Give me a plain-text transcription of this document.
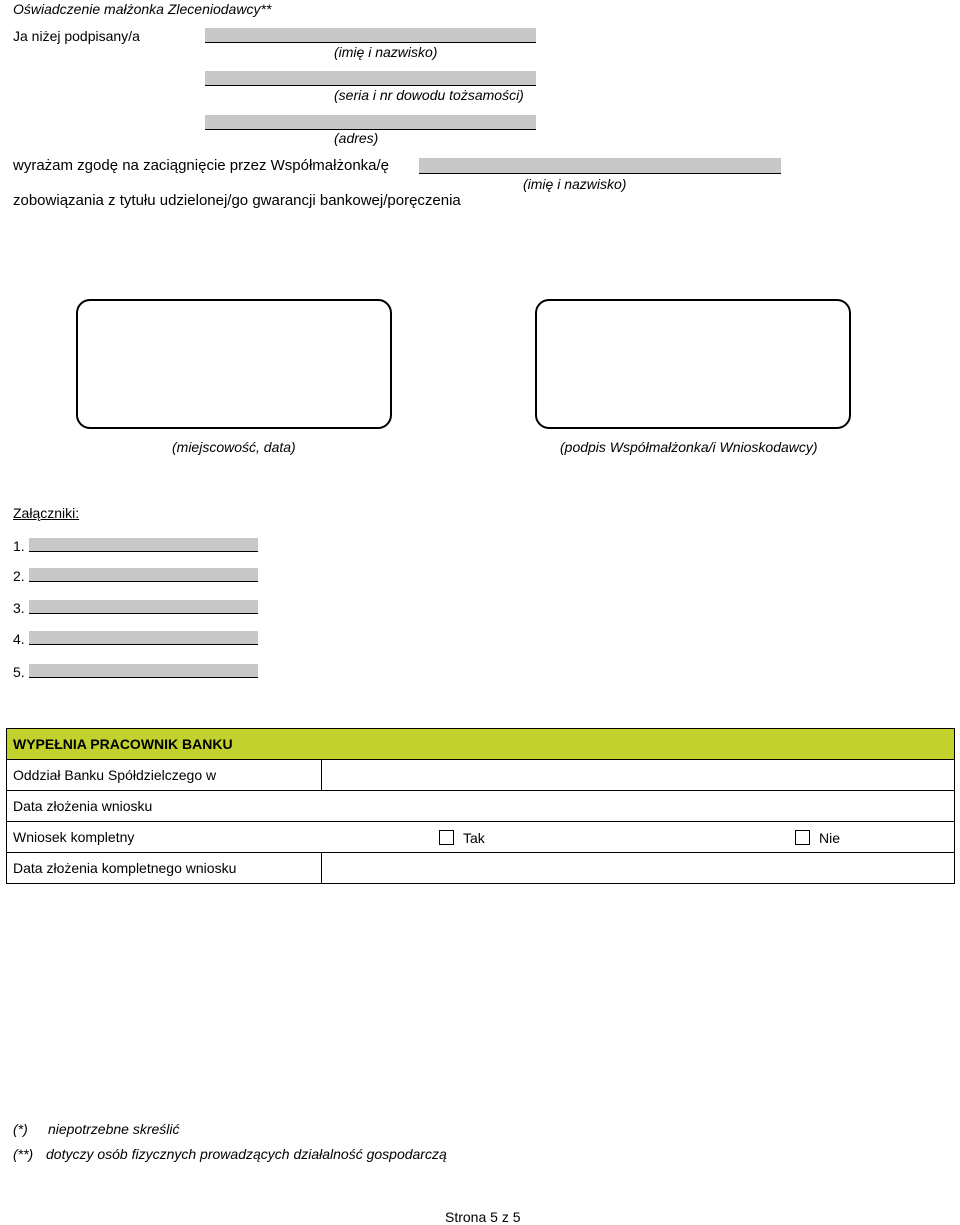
Oświadczenie małżonka Zleceniodawcy**
Ja niżej podpisany/a
(imię i nazwisko)
(seria i nr dowodu tożsamości)
(adres)
wyrażam zgodę na zaciągnięcie przez Współmałżonka/ę
(imię i nazwisko)
zobowiązania z tytułu udzielonej/go gwarancji bankowej/poręczenia
(miejscowość, data)	(podpis Współmałżonka/i Wnioskodawcy)
Załączniki:
1.
2.
3.
4.
5.
WYPEŁNIA PRACOWNIK BANKU	
Oddział Banku Spółdzielczego w	
Data złożenia wniosku	
Wniosek kompletny Tak Nie	

Data złożenia kompletnego wniosku	
(*) niepotrzebne skreślić
(**) dotyczy osób fizycznych prowadzących działalność gospodarczą
Strona 5 z 5
